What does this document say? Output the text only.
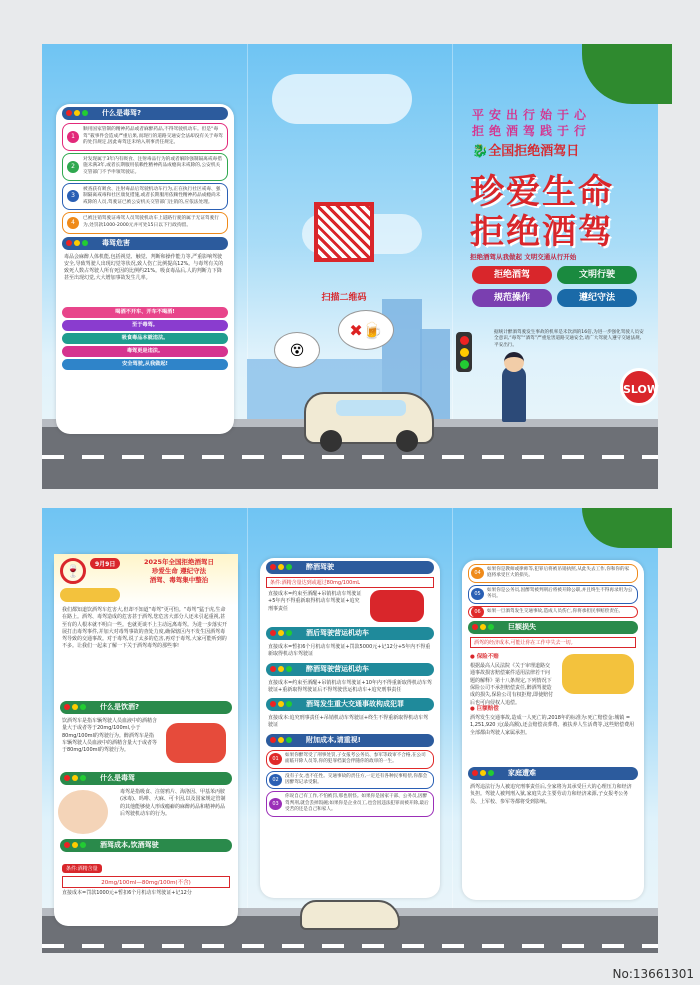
什么是毒驾?
1
顺用国家管制的精神药品或者麻醉药品,不得驾驶机动车。但是“毒驾”筱事件会造成严重后果,而现行的道路交通安全法却没有关于毒驾的处罚规定,因此毒驾还未纳入刑事责任规定。
2
对发现属于3年内有吸食、注射毒品行为的或者解除强制隔离戒毒措施未满3年,或者长期服用依赖性精神药品成瘾尚未戒除的,公安机关交管部门不予申领驾驶证。
3
被查获有吸食、注射毒品后驾驶机动车行为,正在执行社区戒毒、强制隔离戒毒和社区康复措施,或者长期服用依赖性精神药品成瘾尚未戒除的人员,驾驶证已被公安机关交管部门注销的,应依法处理。
4
已被注销驾驶证毒驾人员驾驶机动车上道路行驶的属于无证驾驶行为,处罚款1000-2000元并可处15日以下行政拘留。
毒驾危害
毒品会麻醉人体机能,包括视觉、触觉、判断和操作能力等,严重影响驾驶安全,导致驾驶人出现幻觉等状况,致人伤亡比例提高12%。与毒驾有关的致死人数占驾驶人所有死因的比例约21%。吸食毒品后,人的判断力下降甚至出现幻觉,大大增加事故发生几率。
喝酒不开车、开车不喝酒!
至于毒驾。
吸食毒品本就违法。
毒驾更是违法。
安全驾驶,从我做起!
扫描二维码
😵
✖🍺
平安出行始于心
拒绝酒驾践于行
🐉全国拒绝酒驾日
珍爱生命
拒绝酒驾
拒绝酒驾从我做起 文明交通从行开始
拒绝酒驾	文明行驶
规范操作	遵纪守法
据统计醉酒驾驶发生事故的机率是未饮酒的16倍,为进一步强化驾驶人员安全意识,“毒驾”“酒驾”严重危害道路交通安全,请广大驾驶人遵守交通法规,平安出行。
SLOW
9月9日
🍷
2025年全国拒绝酒驾日
珍爱生命 遵纪守法
酒驾、毒驾集中整治
我们都知道饮酒驾车危害大,但却不知道“毒驾”更可怕。“毒驾”猛于虎,生命在路上。酒驾、毒驾造成的危害甚于酒驾,您危害大部分人还未引起重视,甚至有的人根本就不明白一些。也就更谈不上主动远离毒驾。为进一步落实开展打击毒驾事件,并加大对毒驾事故的查处力度,确保辖区内不发生因酒驾毒驾导致的交通事故。对于毒驾,说了太多的危害,再对于毒驾,大家可能听到的不多。让我们一起来了解一下关于酒驾毒驾的那些事!
什么是饮酒?
饮酒驾车是指车辆驾驶人员血液中的酒精含量大于或者等于20mg/100ml,小于80mg/100ml的驾驶行为。醉酒驾车是指车辆驾驶人员血液中的酒精含量大于或者等于80mg/100ml的驾驶行为。
什么是毒驾
毒驾是指吸食、注射鸦片、海洛因、甲基苯丙胺(冰毒)、吗啡、大麻、可卡因,以及国家规定管制的其他能够使人形成瘾癖的麻醉药品和精神药品后驾驶机动车的行为。
酒驾成本,饮酒驾驶
条件:酒精含量
20mg/100ml—80mg/100m(不含)
直接成本=罚款1000元+暂扣6个月机动车驾驶证+记12分
醉酒驾驶
条件:酒精含量达到或超过80mg/100mL
直接成本=约束至酒醒+吊销机动车驾驶证+5年内不得重新取得机动车驾驶证+追究刑事责任
酒后驾驶营运机动车
直接成本=暂扣6个月机动车驾驶证+罚款5000元+记12分+5年内不得重新取得机动车驾驶证
醉酒驾驶营运机动车
直接成本=约束至酒醒+吊销机动车驾驶证+10年内不得重新取得机动车驾驶证+重新取得驾驶证后不得驾驶营运机动车+追究刑事责任
酒驾发生重大交通事故构成犯罪
直接成本:追究刑事责任+吊销机动车驾驶证+终生不得重新取得机动车驾驶证
附加成本,请重视!
01
如果你醉驾受了刑事处罚,子女报考公务员、参军等政审不合格,在公司面临开除人员等,你的犯罪档案会伴随你的政审的一生。
02
没有子女,也不任性。交通事故的责任方,一定还有各种民事赔偿,你都会因醉驾记录受限。
03
你说自己有工作,不怕被罚,那也别怪。如果你是国家干部、公务员,因醉驾判刑,就会丢掉饭碗;如果你是企业员工,也会因违法犯罪而被开除,最后受苦的还是自己和家人。
04
如果你是教师或律师等,犯罪后将被吊销执照,从此失去工作,你和你的家庭将承受巨大的损失。
05
如果你是公务员,因醉驾被判刑后将被开除公职,并且终生不得再录用为公务员。
06	如果一旦酒驾发生交通事故,造成人员伤亡,你将承担民事赔偿责任。
巨额损失
酒驾的经济成本,可能让你在工作中失去一切。
● 保险不赔
根据最高人民法院《关于审理道路交通事故损害赔偿案件适用法律若干问题的解释》第十八条规定,下列情况下保险公司不承担赔偿责任,醉酒驾驶造成的损失,保险公司有权拒赔,即使赔付后也可向侵权人追偿。
● 巨额赔偿
酒驾发生交通事故,造成一人死亡的,2018年的标准为:死亡赔偿金:城镇 = 1,251,920 元(最高额),还会赔偿丧葬费、被扶养人生活费等,这些赔偿费用全部都由驾驶人家属承担。
家庭遭难
酒驾违法行为人被追究刑事责任后,全家将为其承受巨大的心理压力和经济负担。驾驶人被判刑入狱,家庭失去主要劳动力和经济来源,子女报考公务员、上军校、参军等都将受到影响。
No:13661301
